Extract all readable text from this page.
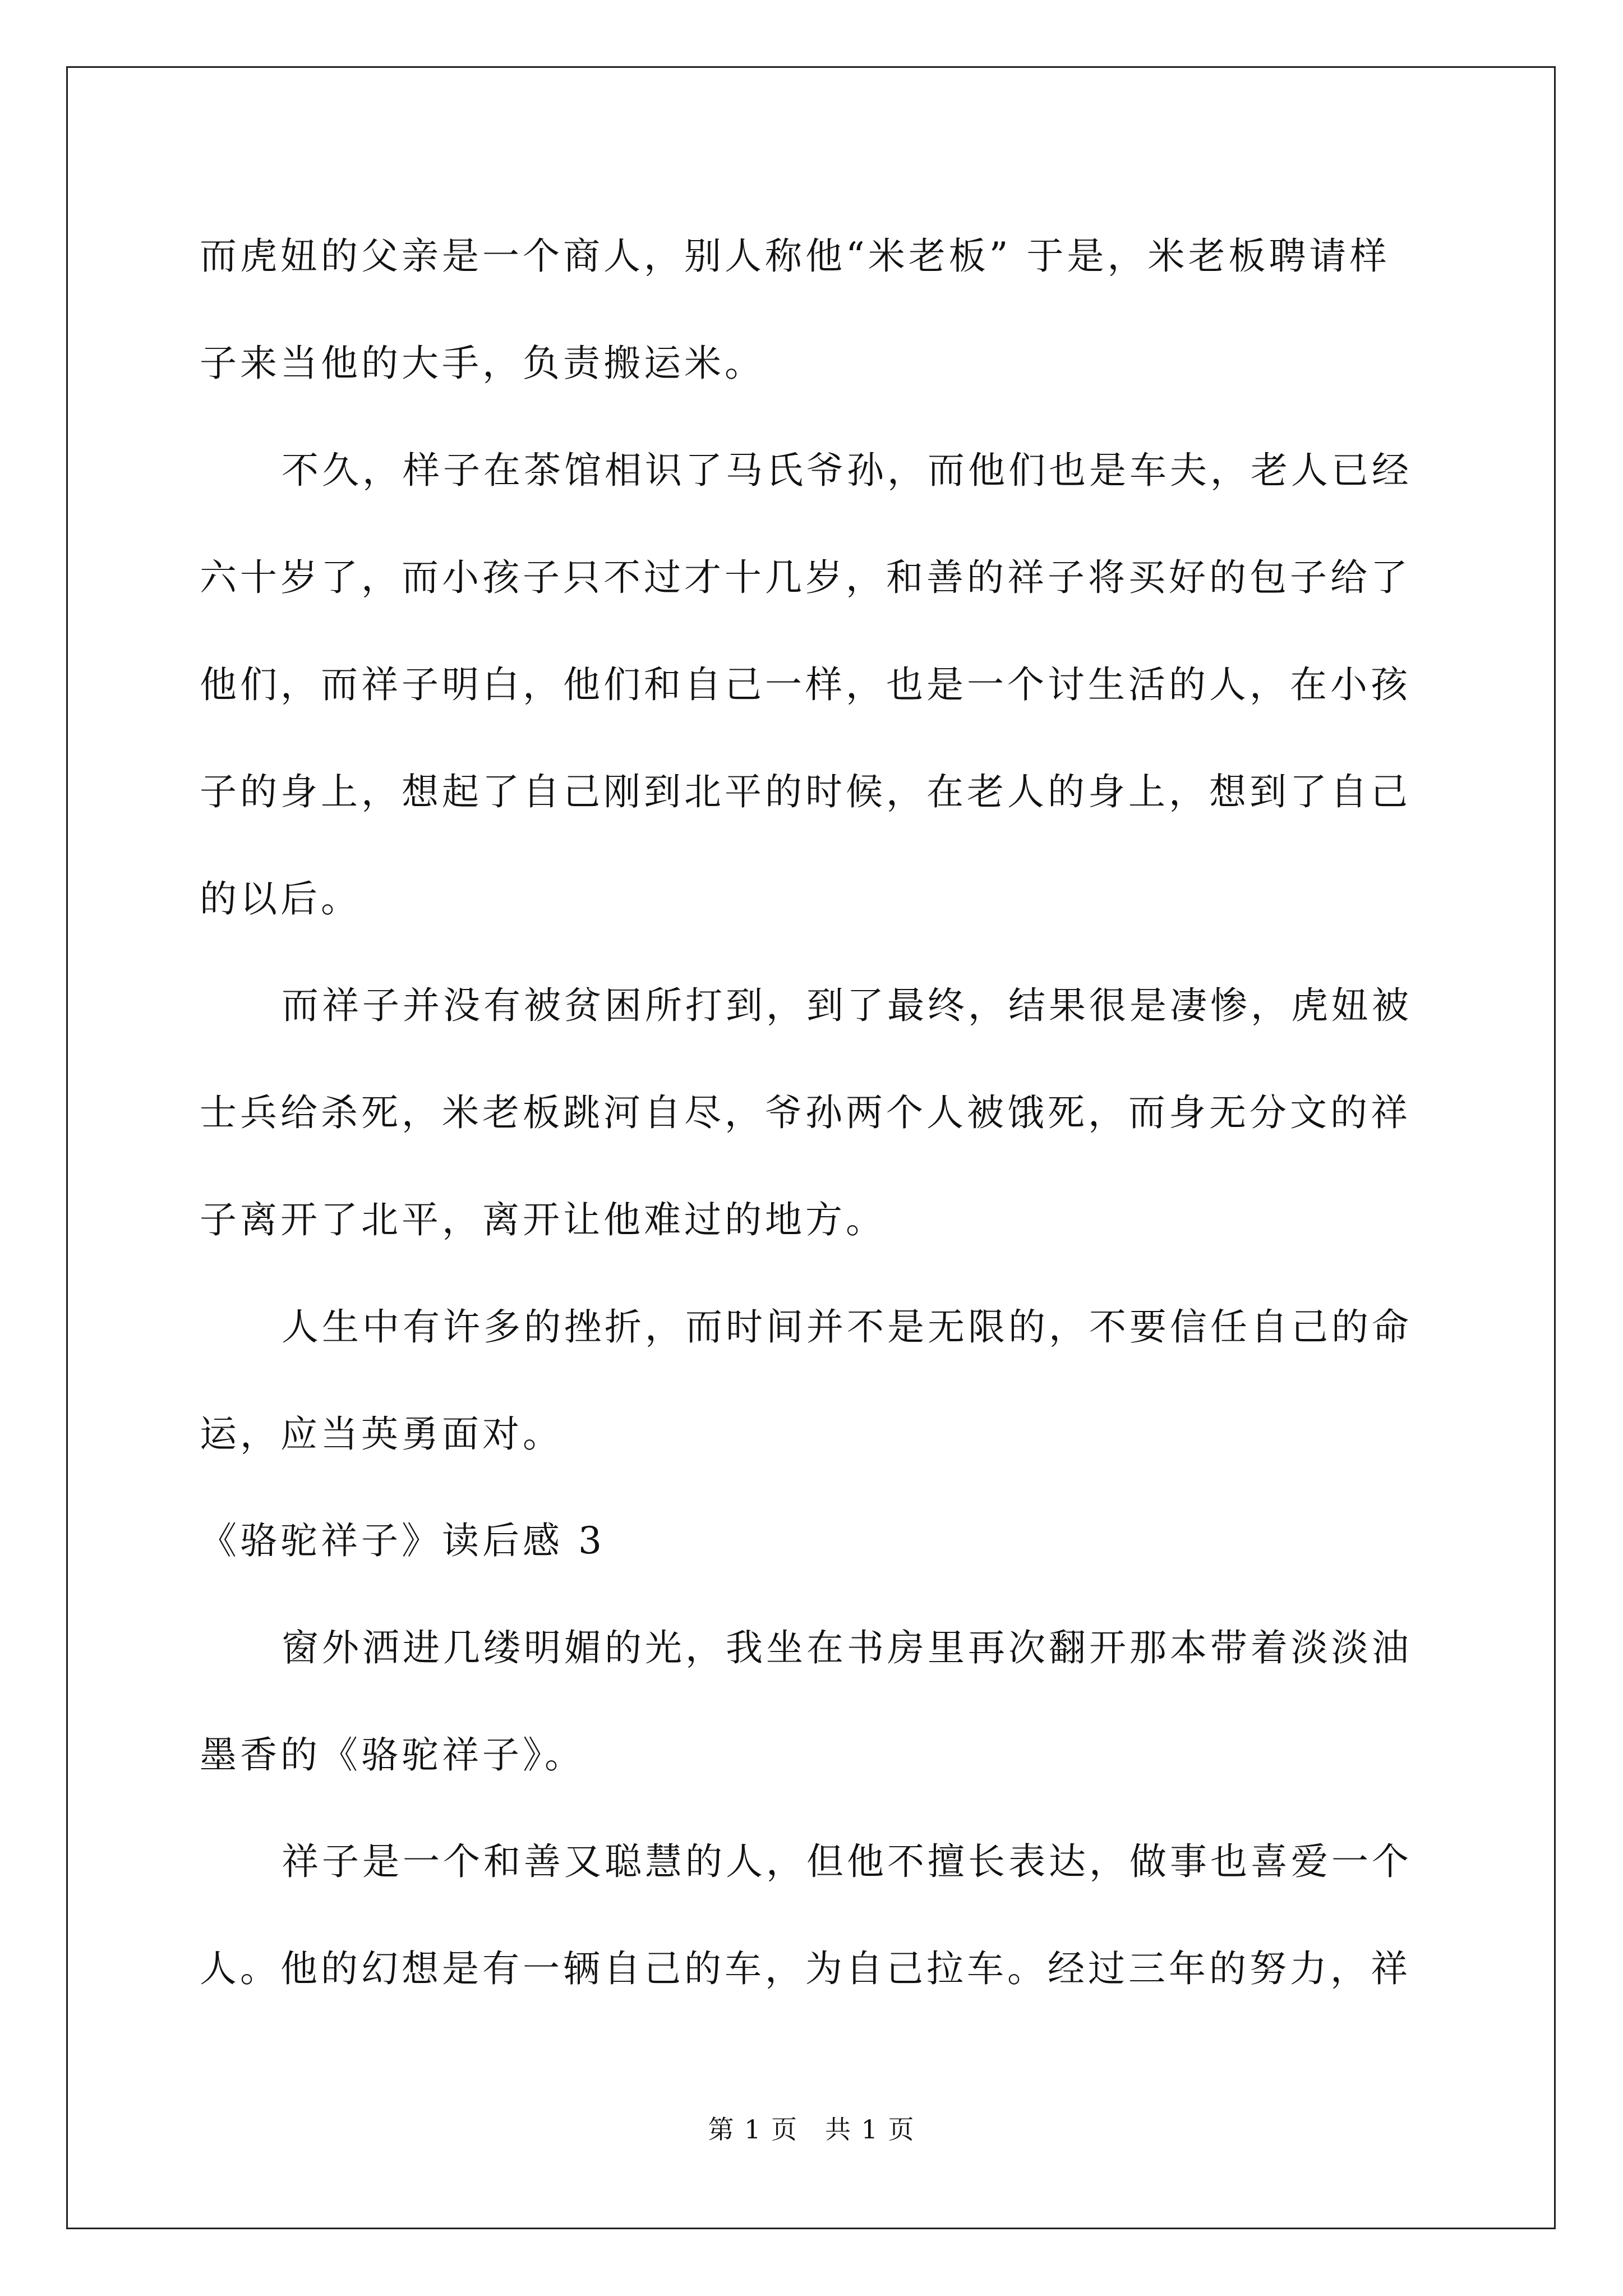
而虎妞的父亲是一个商人，别人称他“米老板” 于是，米老板聘请样子来当他的大手，负责搬运米。

不久，样子在茶馆相识了马氏爷孙，而他们也是车夫，老人已经六十岁了，而小孩子只不过才十几岁，和善的祥子将买好的包子给了他们，而祥子明白，他们和自己一样，也是一个讨生活的人，在小孩子的身上，想起了自己刚到北平的时候，在老人的身上，想到了自己的以后。

而祥子并没有被贫困所打到，到了最终，结果很是凄惨，虎妞被士兵给杀死，米老板跳河自尽，爷孙两个人被饿死，而身无分文的祥子离开了北平，离开让他难过的地方。

人生中有许多的挫折，而时间并不是无限的，不要信任自己的命运，应当英勇面对。

《骆驼祥子》读后感 3

窗外洒进几缕明媚的光，我坐在书房里再次翻开那本带着淡淡油墨香的《骆驼祥子》。

祥子是一个和善又聪慧的人，但他不擅长表达，做事也喜爱一个人。他的幻想是有一辆自己的车，为自己拉车。经过三年的努力，祥

第 1 页 共 1 页
